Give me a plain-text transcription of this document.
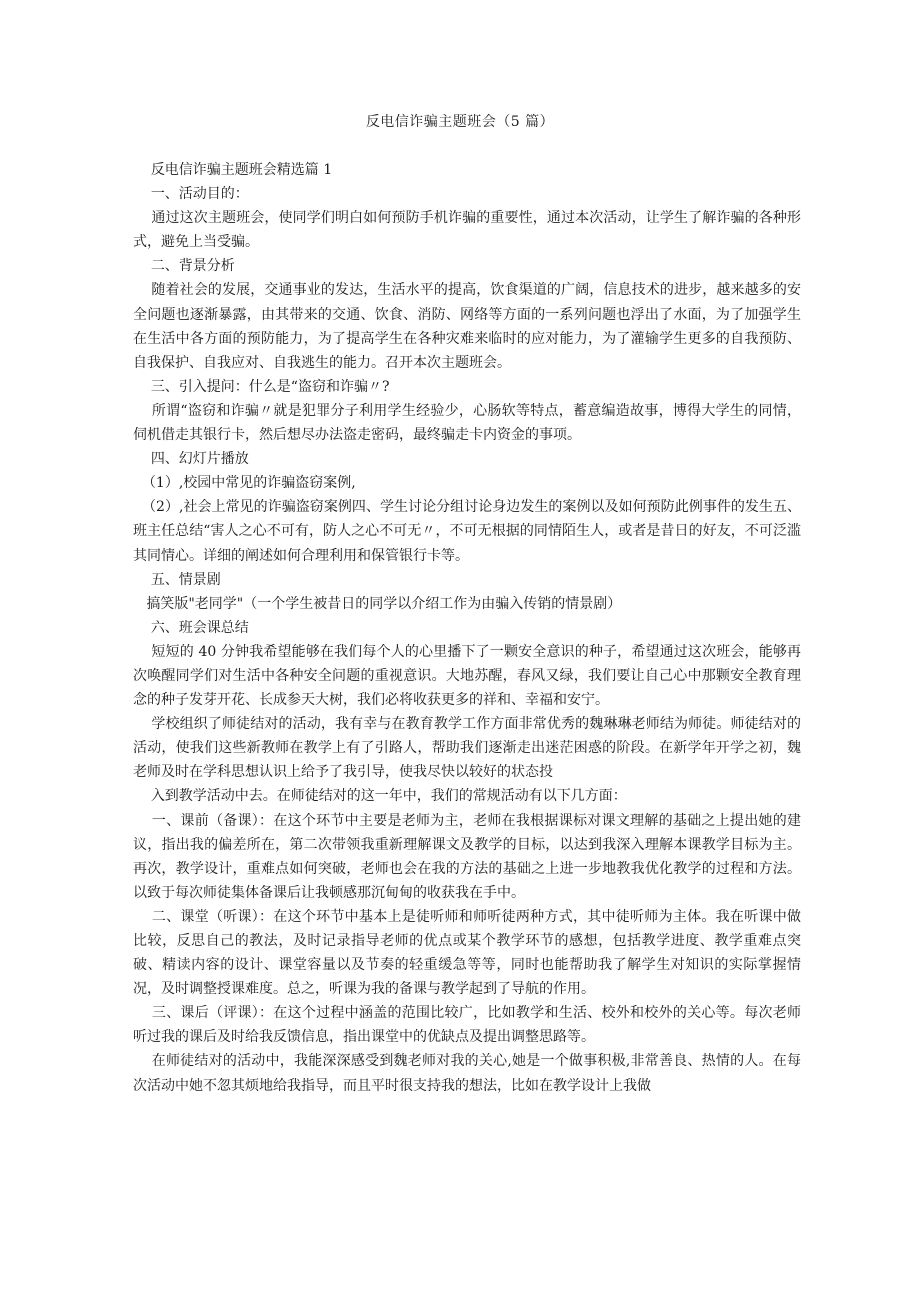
反电信诈骗主题班会（5 篇）

反电信诈骗主题班会精选篇 1

一、活动目的：

通过这次主题班会，使同学们明白如何预防手机诈骗的重要性，通过本次活动，让学生了解诈骗的各种形式，避免上当受骗。

二、背景分析

随着社会的发展，交通事业的发达，生活水平的提高，饮食渠道的广阔，信息技术的进步，越来越多的安全问题也逐渐暴露，由其带来的交通、饮食、消防、网络等方面的一系列问题也浮出了水面，为了加强学生在生活中各方面的预防能力，为了提高学生在各种灾难来临时的应对能力，为了灌输学生更多的自我预防、自我保护、自我应对、自我逃生的能力。召开本次主题班会。

三、引入提问：什么是“盗窃和诈骗〃?

所谓“盗窃和诈骗〃就是犯罪分子利用学生经验少，心肠软等特点，蓄意编造故事，博得大学生的同情，伺机借走其银行卡，然后想尽办法盗走密码，最终骗走卡内资金的事项。

四、幻灯片播放

（1）,校园中常见的诈骗盗窃案例,

（2）,社会上常见的诈骗盗窃案例四、学生讨论分组讨论身边发生的案例以及如何预防此例事件的发生五、班主任总结“害人之心不可有，防人之心不可无〃，不可无根据的同情陌生人，或者是昔日的好友，不可泛滥其同情心。详细的阐述如何合理利用和保管银行卡等。

五、情景剧

搞笑版"老同学"（一个学生被昔日的同学以介绍工作为由骗入传销的情景剧）

六、班会课总结

短短的 40 分钟我希望能够在我们每个人的心里播下了一颗安全意识的种子，希望通过这次班会，能够再次唤醒同学们对生活中各种安全问题的重视意识。大地苏醒，春风又绿，我们要让自己心中那颗安全教育理念的种子发芽开花、长成参天大树，我们必将收获更多的祥和、幸福和安宁。

学校组织了师徒结对的活动，我有幸与在教育教学工作方面非常优秀的魏琳琳老师结为师徒。师徒结对的活动，使我们这些新教师在教学上有了引路人，帮助我们逐渐走出迷茫困惑的阶段。在新学年开学之初，魏老师及时在学科思想认识上给予了我引导，使我尽快以较好的状态投

入到教学活动中去。在师徒结对的这一年中，我们的常规活动有以下几方面：

一、课前（备课）：在这个环节中主要是老师为主，老师在我根据课标对课文理解的基础之上提出她的建议，指出我的偏差所在，第二次带领我重新理解课文及教学的目标，以达到我深入理解本课教学目标为主。再次，教学设计，重难点如何突破，老师也会在我的方法的基础之上进一步地教我优化教学的过程和方法。以致于每次师徒集体备课后让我顿感那沉甸甸的收获我在手中。

二、课堂（听课）：在这个环节中基本上是徒听师和师听徒两种方式，其中徒听师为主体。我在听课中做比较，反思自己的教法，及时记录指导老师的优点或某个教学环节的感想，包括教学进度、教学重难点突破、精读内容的设计、课堂容量以及节奏的轻重缓急等等，同时也能帮助我了解学生对知识的实际掌握情况，及时调整授课难度。总之，听课为我的备课与教学起到了导航的作用。

三、课后（评课）：在这个过程中涵盖的范围比较广，比如教学和生活、校外和校外的关心等。每次老师听过我的课后及时给我反馈信息，指出课堂中的优缺点及提出调整思路等。

在师徒结对的活动中，我能深深感受到魏老师对我的关心,她是一个做事积极,非常善良、热情的人。在每次活动中她不忽其烦地给我指导，而且平时很支持我的想法，比如在教学设计上我做
